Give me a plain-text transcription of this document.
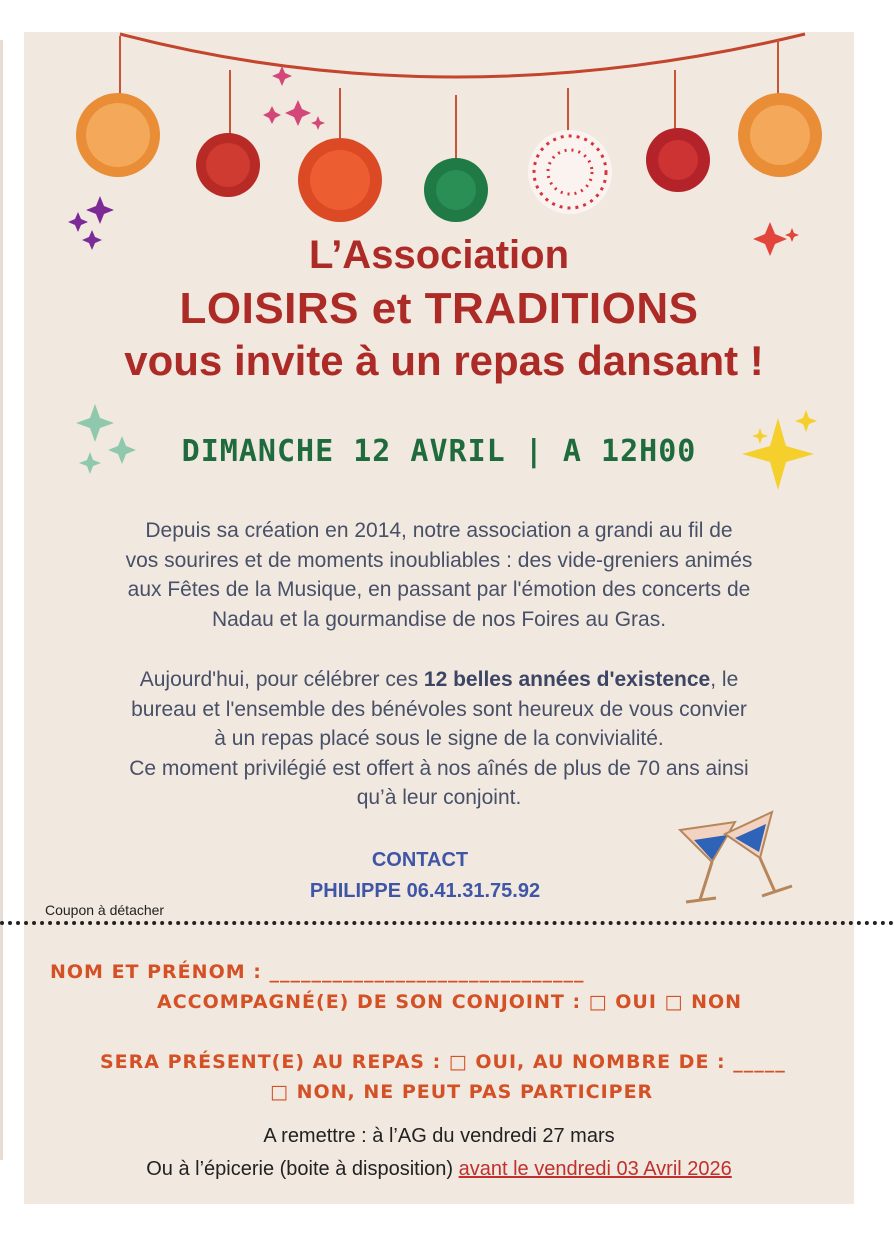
L’Association
LOISIRS et TRADITIONS
vous invite à un repas dansant !
DIMANCHE 12 AVRIL | A 12H00
Depuis sa création en 2014, notre association a grandi au fil de
vos sourires et de moments inoubliables : des vide-greniers animés
aux Fêtes de la Musique, en passant par l'émotion des concerts de
Nadau et la gourmandise de nos Foires au Gras.
Aujourd'hui, pour célébrer ces 12 belles années d'existence, le
bureau et l'ensemble des bénévoles sont heureux de vous convier
à un repas placé sous le signe de la convivialité.
Ce moment privilégié est offert à nos aînés de plus de 70 ans ainsi
qu’à leur conjoint.
CONTACT
PHILIPPE 06.41.31.75.92
Coupon à détacher
NOM ET PRÉNOM : ______________________________
ACCOMPAGNÉ(E) DE SON CONJOINT : □ OUI □ NON
SERA PRÉSENT(E) AU REPAS : □ OUI, AU NOMBRE DE : _____
□ NON, NE PEUT PAS PARTICIPER
A remettre : à l’AG du vendredi 27 mars
Ou à l’épicerie (boite à disposition) avant le vendredi 03 Avril 2026
